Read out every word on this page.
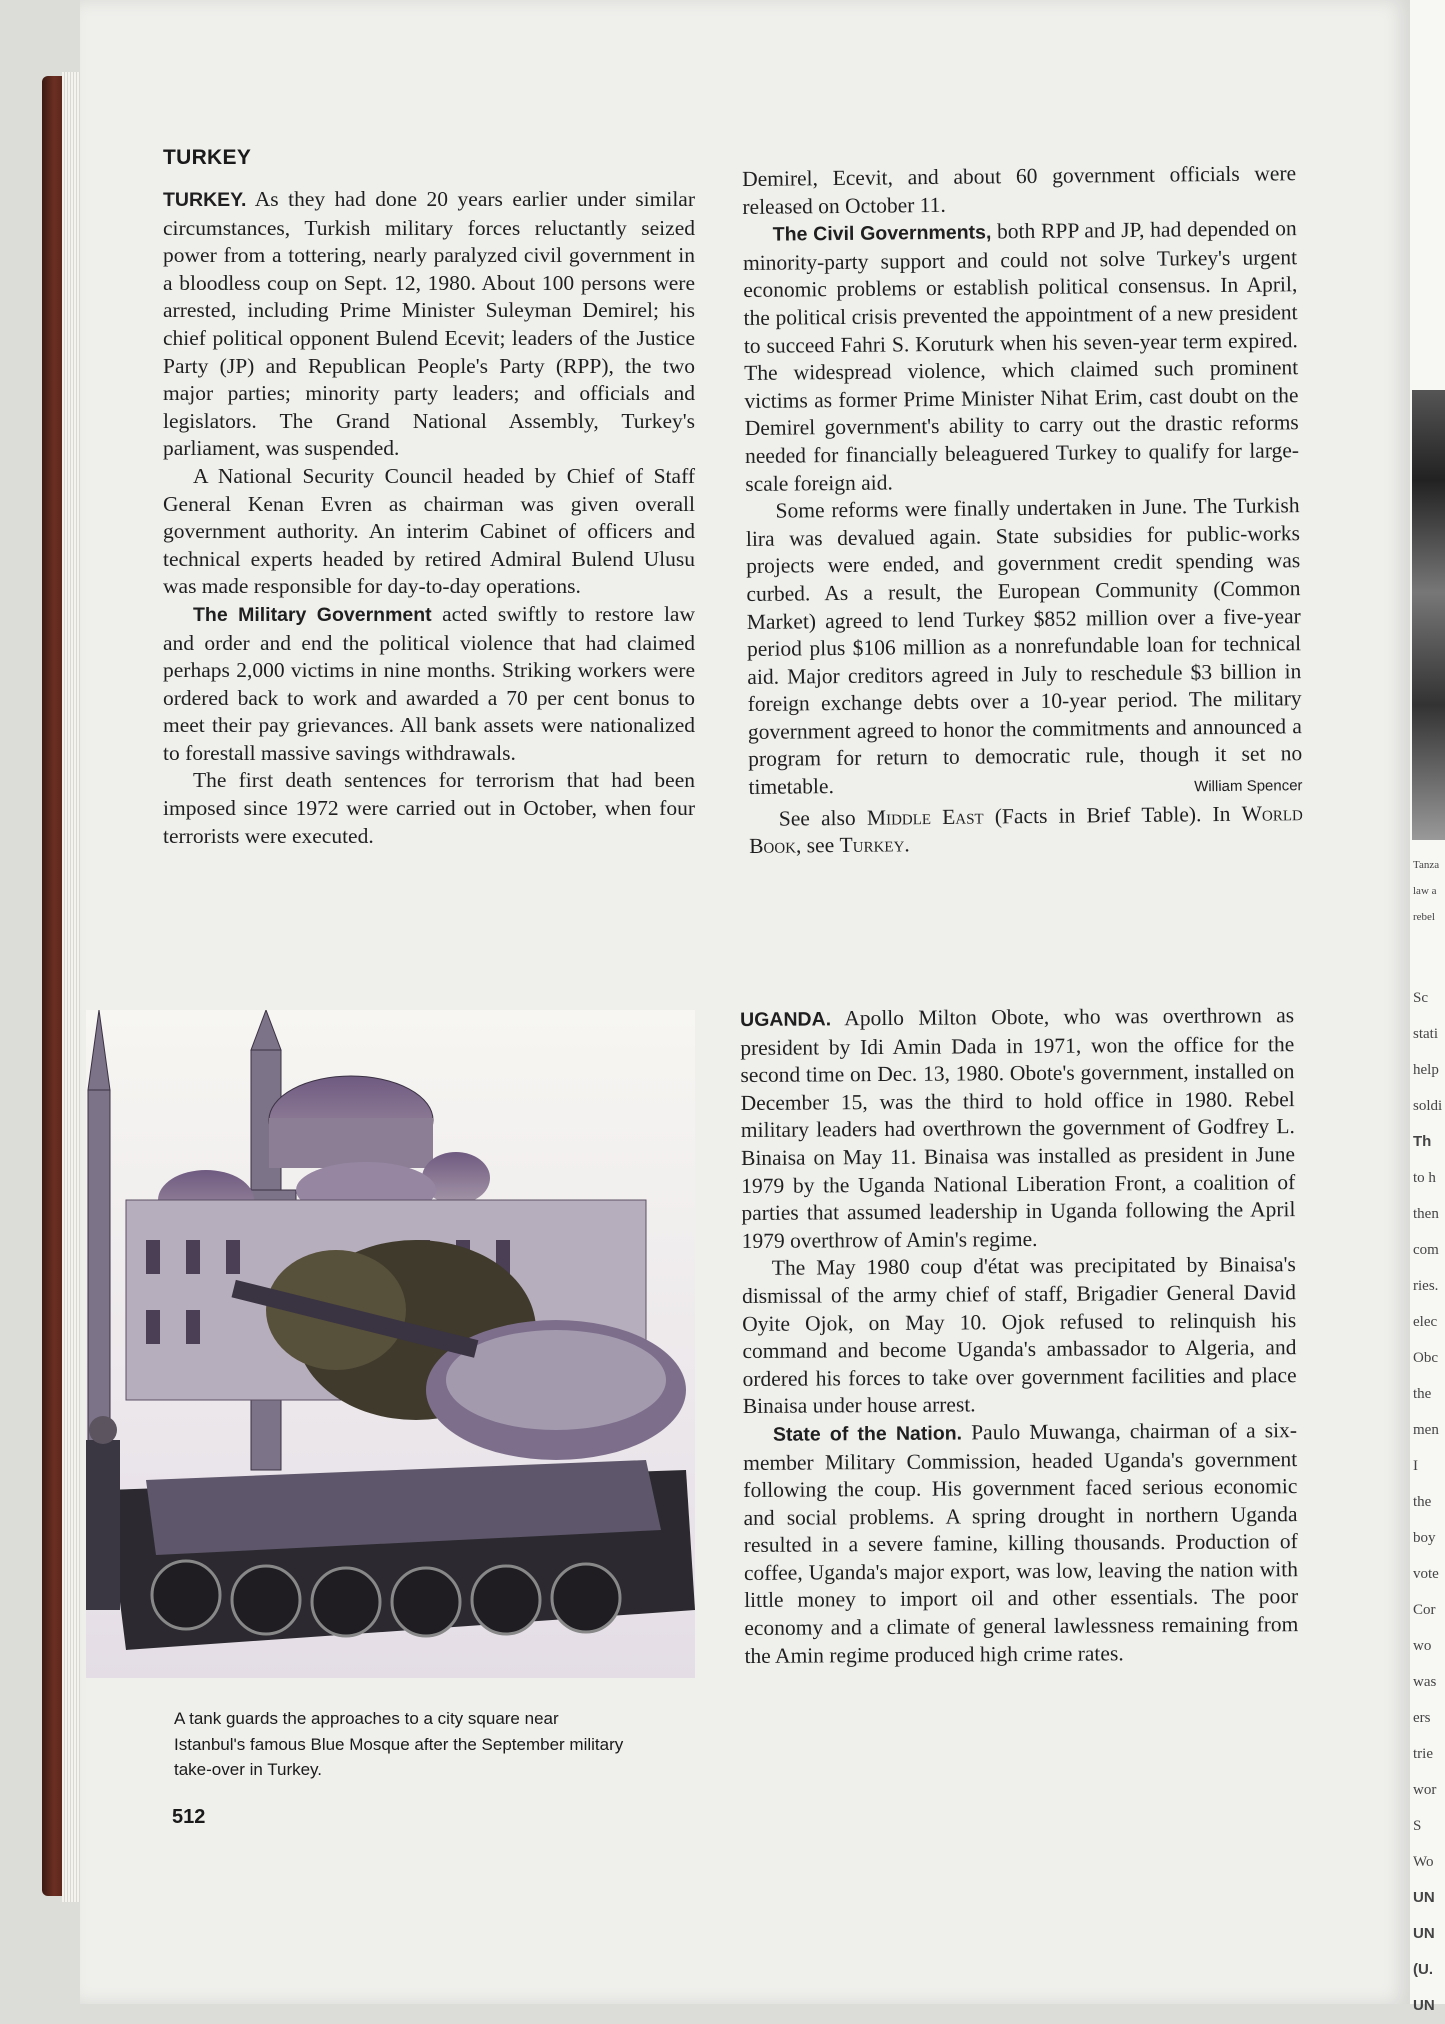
Tanza
law a
rebel
Sc
stati
help
soldi
Th
to h
then
com
ries.
elec
Obc
the
men
I
the
boy
vote
Cor
wo
was
ers
trie
wor
S
Wo
UN
UN
(U.
UN
TURKEY

TURKEY. As they had done 20 years earlier under similar circumstances, Turkish military forces reluctantly seized power from a tottering, nearly paralyzed civil government in a bloodless coup on Sept. 12, 1980. About 100 persons were arrested, including Prime Minister Suleyman Demirel; his chief political opponent Bulend Ecevit; leaders of the Justice Party (JP) and Republican People's Party (RPP), the two major parties; minority party leaders; and officials and legislators. The Grand National Assembly, Turkey's parliament, was suspended.

A National Security Council headed by Chief of Staff General Kenan Evren as chairman was given overall government authority. An interim Cabinet of officers and technical experts headed by retired Admiral Bulend Ulusu was made responsible for day-to-day operations.

The Military Government acted swiftly to restore law and order and end the political violence that had claimed perhaps 2,000 victims in nine months. Striking workers were ordered back to work and awarded a 70 per cent bonus to meet their pay grievances. All bank assets were nationalized to forestall massive savings withdrawals.

The first death sentences for terrorism that had been imposed since 1972 were carried out in October, when four terrorists were executed.

A tank guards the approaches to a city square near Istanbul's famous Blue Mosque after the September military take-over in Turkey.
512

Demirel, Ecevit, and about 60 government officials were released on October 11.

The Civil Governments, both RPP and JP, had depended on minority-party support and could not solve Turkey's urgent economic problems or establish political consensus. In April, the political crisis prevented the appointment of a new president to succeed Fahri S. Koruturk when his seven-year term expired. The widespread violence, which claimed such prominent victims as former Prime Minister Nihat Erim, cast doubt on the Demirel government's ability to carry out the drastic reforms needed for financially beleaguered Turkey to qualify for large-scale foreign aid.

Some reforms were finally undertaken in June. The Turkish lira was devalued again. State subsidies for public-works projects were ended, and government credit spending was curbed. As a result, the European Community (Common Market) agreed to lend Turkey $852 million over a five-year period plus $106 million as a nonrefundable loan for technical aid. Major creditors agreed in July to reschedule $3 billion in foreign exchange debts over a 10-year period. The military government agreed to honor the commitments and announced a program for return to democratic rule, though it set no timetable.	William Spencer

See also Middle East (Facts in Brief Table). In World Book, see Turkey.

UGANDA. Apollo Milton Obote, who was overthrown as president by Idi Amin Dada in 1971, won the office for the second time on Dec. 13, 1980. Obote's government, installed on December 15, was the third to hold office in 1980. Rebel military leaders had overthrown the government of Godfrey L. Binaisa on May 11. Binaisa was installed as president in June 1979 by the Uganda National Liberation Front, a coalition of parties that assumed leadership in Uganda following the April 1979 overthrow of Amin's regime.

The May 1980 coup d'état was precipitated by Binaisa's dismissal of the army chief of staff, Brigadier General David Oyite Ojok, on May 10. Ojok refused to relinquish his command and become Uganda's ambassador to Algeria, and ordered his forces to take over government facilities and place Binaisa under house arrest.

State of the Nation. Paulo Muwanga, chairman of a six-member Military Commission, headed Uganda's government following the coup. His government faced serious economic and social problems. A spring drought in northern Uganda resulted in a severe famine, killing thousands. Production of coffee, Uganda's major export, was low, leaving the nation with little money to import oil and other essentials. The poor economy and a climate of general lawlessness remaining from the Amin regime produced high crime rates.
